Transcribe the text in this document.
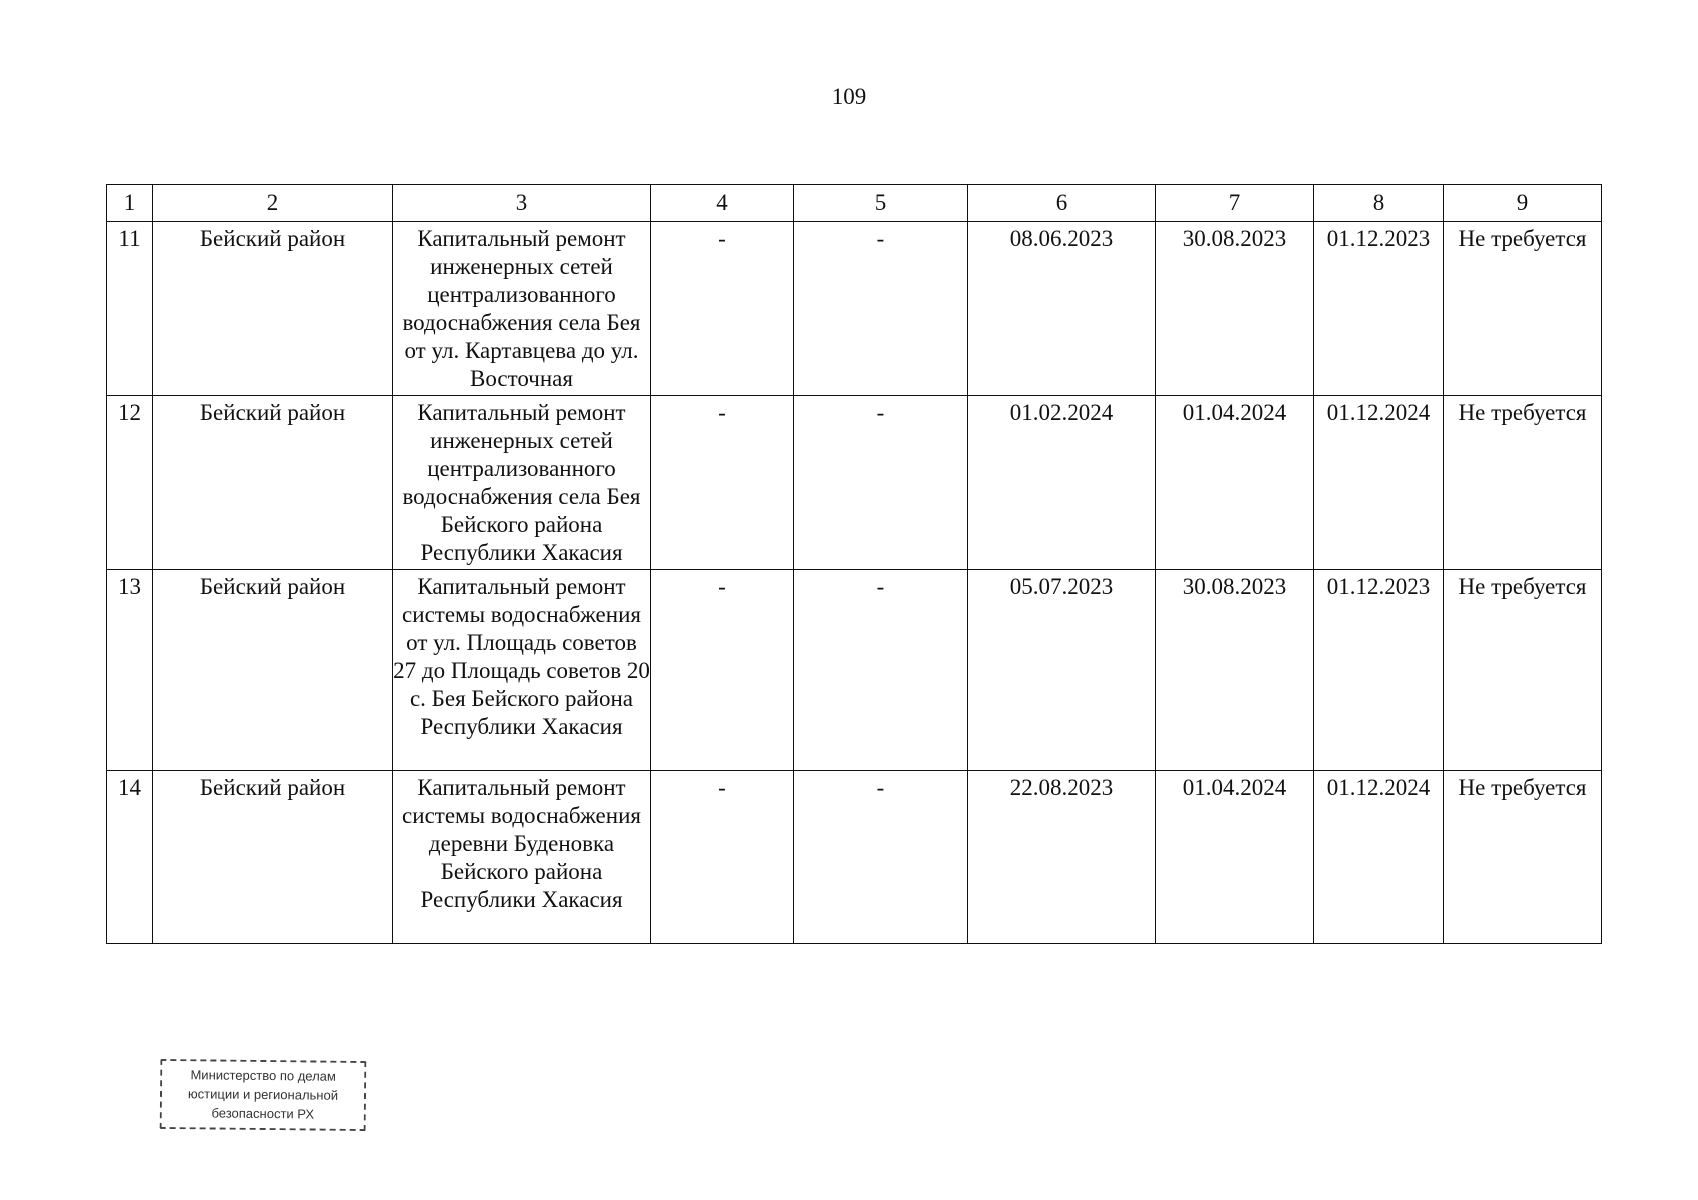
109
1	2	3	4	5	6	7	8	9
11	Бейский район	Капитальный ремонт инженерных сетей централизованного водоснабжения села Бея от ул. Картавцева до ул. Восточная	-	-	08.06.2023	30.08.2023	01.12.2023	Не требуется
12	Бейский район	Капитальный ремонт инженерных сетей централизованного водоснабжения села Бея Бейского района Республики Хакасия	-	-	01.02.2024	01.04.2024	01.12.2024	Не требуется
13	Бейский район	Капитальный ремонт системы водоснабжения от ул. Площадь советов 27 до Площадь советов 20 с. Бея Бейского района Республики Хакасия	-	-	05.07.2023	30.08.2023	01.12.2023	Не требуется
14	Бейский район	Капитальный ремонт системы водоснабжения деревни Буденовка Бейского района Республики Хакасия	-	-	22.08.2023	01.04.2024	01.12.2024	Не требуется
Министерство по делам
юстиции и региональной
безопасности РХ
